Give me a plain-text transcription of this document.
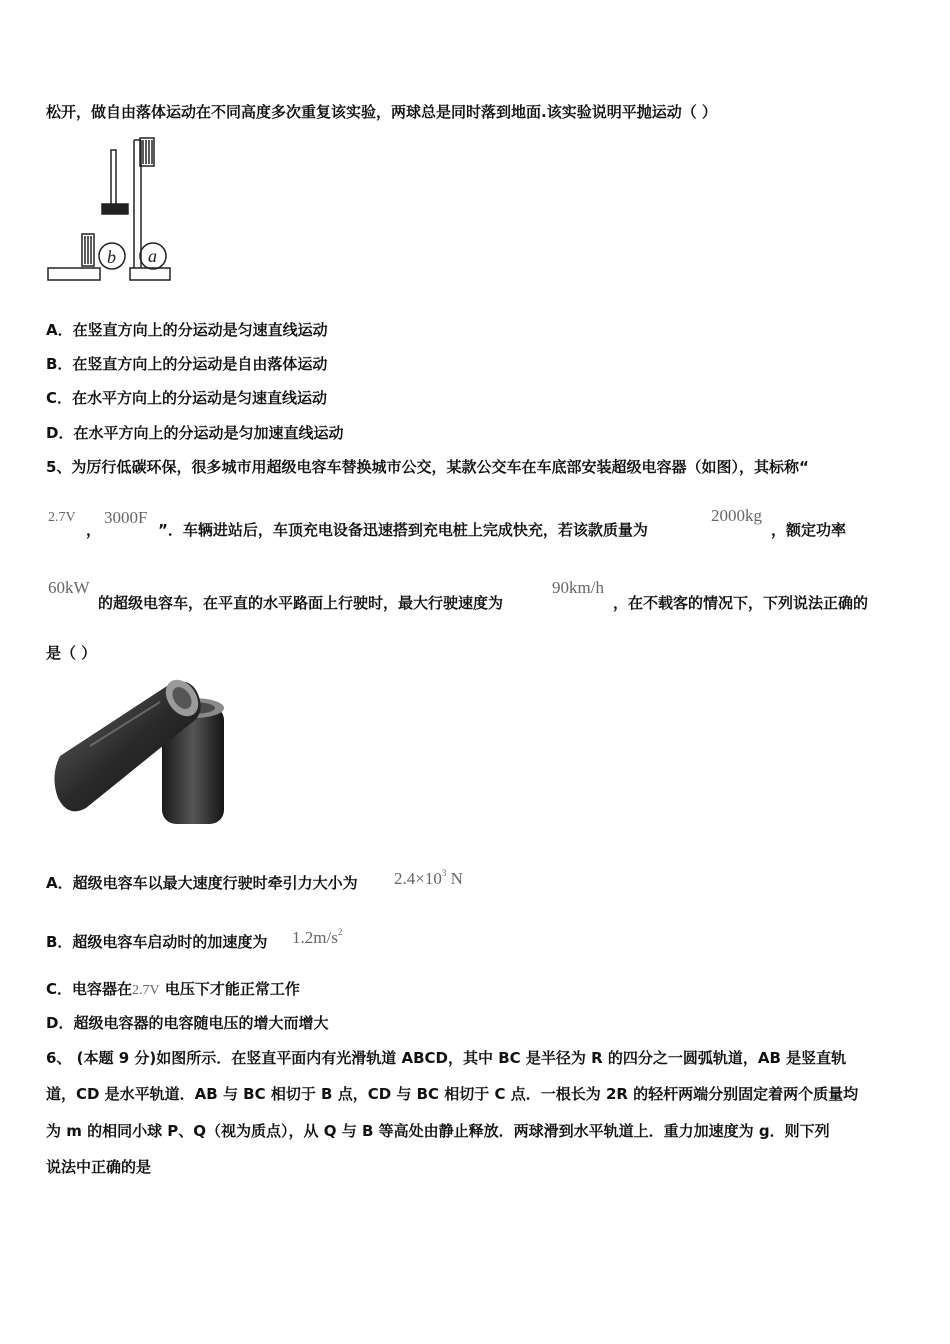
松开，做自由落体运动在不同高度多次重复该实验，两球总是同时落到地面.该实验说明平抛运动（ ）
b a
A．在竖直方向上的分运动是匀速直线运动
B．在竖直方向上的分运动是自由落体运动
C．在水平方向上的分运动是匀速直线运动
D．在水平方向上的分运动是匀加速直线运动
5、为厉行低碳环保，很多城市用超级电容车替换城市公交，某款公交车在车底部安装超级电容器（如图），其标称“
2.7V
，
3000F
”．车辆进站后，车顶充电设备迅速搭到充电桩上完成快充，若该款质量为
2000kg
，额定功率
60kW
的超级电容车，在平直的水平路面上行驶时，最大行驶速度为
90km/h
，在不载客的情况下，下列说法正确的
是（ ）
A．超级电容车以最大速度行驶时牵引力大小为 $2.4\times 10^3$ N
B．超级电容车启动时的加速度为 $1.2m/s^2$
C．电容器在2.7V 电压下才能正常工作
D．超级电容器的电容随电压的增大而增大
6、 (本题 9 分)如图所示．在竖直平面内有光滑轨道 ABCD，其中 BC 是半径为 R 的四分之一圆弧轨道，AB 是竖直轨
道，CD 是水平轨道．AB 与 BC 相切于 B 点，CD 与 BC 相切于 C 点．一根长为 2R 的轻杆两端分别固定着两个质量均
为 m 的相同小球 P、Q（视为质点），从 Q 与 B 等高处由静止释放．两球滑到水平轨道上．重力加速度为 g．则下列
说法中正确的是
